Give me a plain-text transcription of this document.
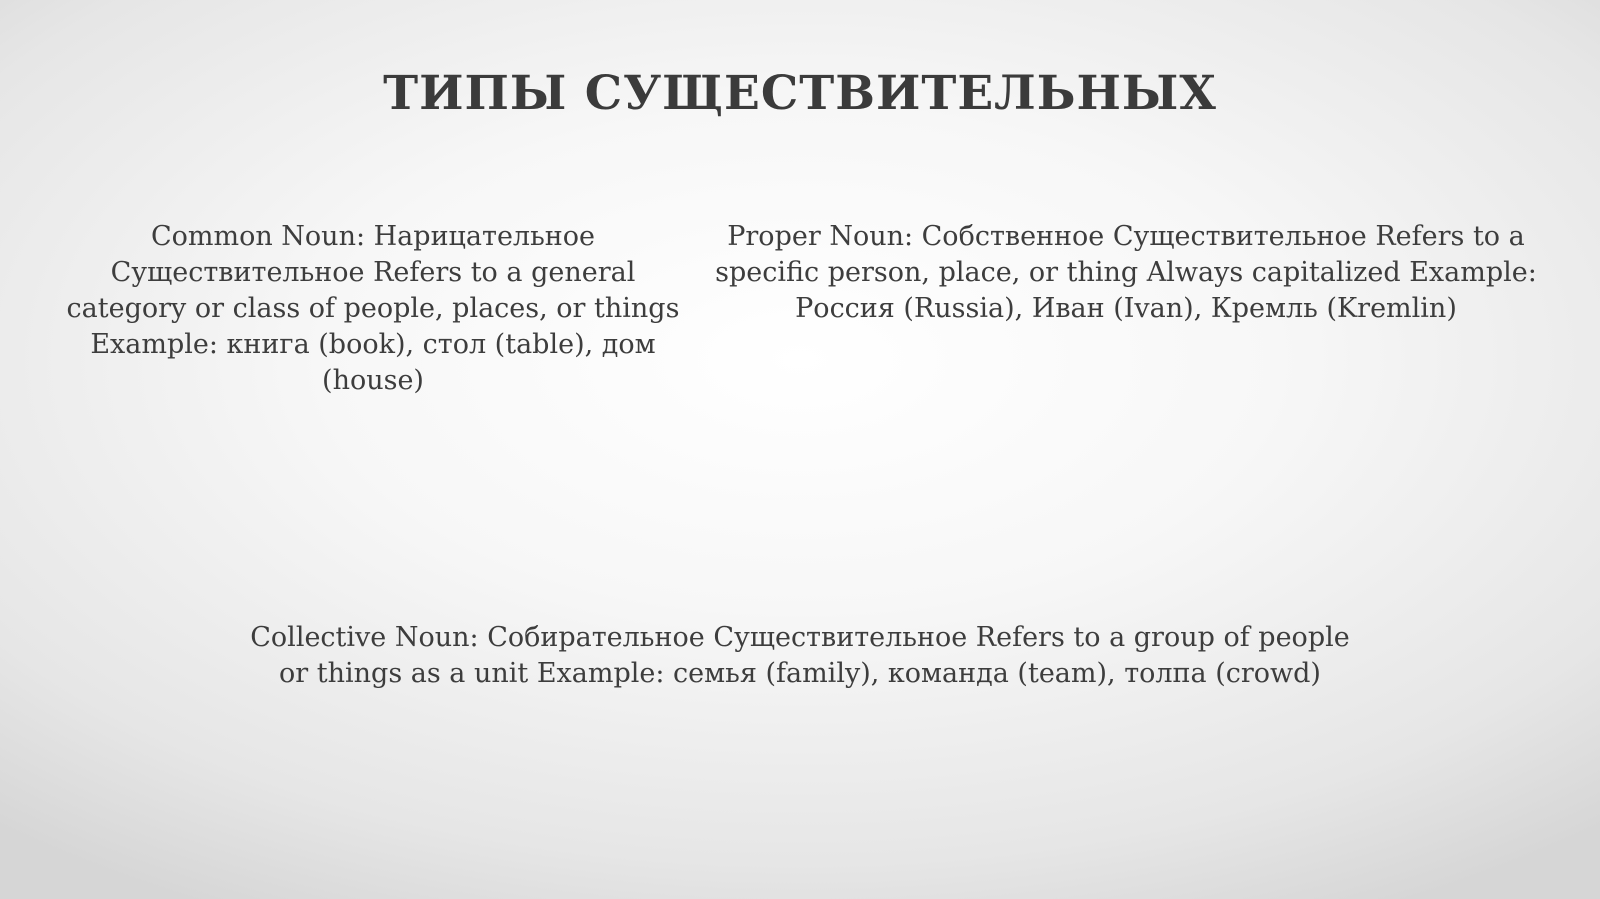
ТИПЫ СУЩЕСТВИТЕЛЬНЫХ
Common Noun: Нарицательное Существительное Refers to a general category or class of people, places, or things Example: книга (book), стол (table), дом (house)
Proper Noun: Собственное Существительное Refers to a specific person, place, or thing Always capitalized Example: Россия (Russia), Иван (Ivan), Кремль (Kremlin)
Collective Noun: Собирательное Существительное Refers to a group of people or things as a unit Example: семья (family), команда (team), толпа (crowd)
